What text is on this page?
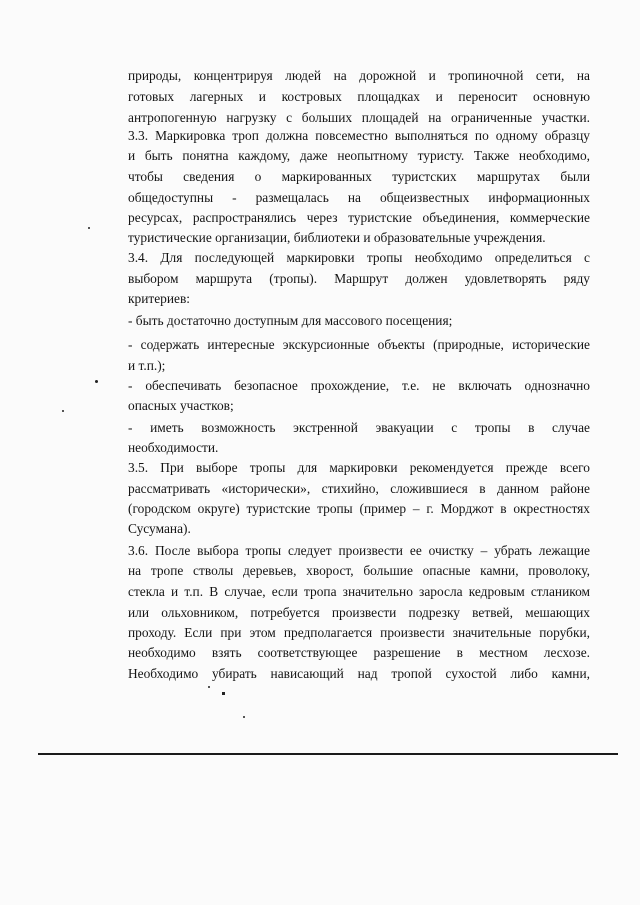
природы, концентрируя людей на дорожной и тропиночной сети, на
готовых лагерных и костровых площадках и переносит основную
антропогенную нагрузку с больших площадей на ограниченные участки.
3.3. Маркировка троп должна повсеместно выполняться по одному образцу
и быть понятна каждому, даже неопытному туристу. Также необходимо,
чтобы сведения о маркированных туристских маршрутах были
общедоступны - размещалась на общеизвестных информационных
ресурсах, распространялись через туристские объединения, коммерческие
туристические организации, библиотеки и образовательные учреждения.
3.4. Для последующей маркировки тропы необходимо определиться с
выбором маршрута (тропы). Маршрут должен удовлетворять ряду
критериев:
- быть достаточно доступным для массового посещения;
- содержать интересные экскурсионные объекты (природные, исторические
и т.п.);
- обеспечивать безопасное прохождение, т.е. не включать однозначно
опасных участков;
- иметь возможность экстренной эвакуации с тропы в случае
необходимости.
3.5. При выборе тропы для маркировки рекомендуется прежде всего
рассматривать «исторически», стихийно, сложившиеся в данном районе
(городском округе) туристские тропы (пример – г. Морджот в окрестностях
Сусумана).
3.6. После выбора тропы следует произвести ее очистку – убрать лежащие
на тропе стволы деревьев, хворост, большие опасные камни, проволоку,
стекла и т.п. В случае, если тропа значительно заросла кедровым стлаником
или ольховником, потребуется произвести подрезку ветвей, мешающих
проходу. Если при этом предполагается произвести значительные порубки,
необходимо взять соответствующее разрешение в местном лесхозе.
Необходимо убирать нависающий над тропой сухостой либо камни,
